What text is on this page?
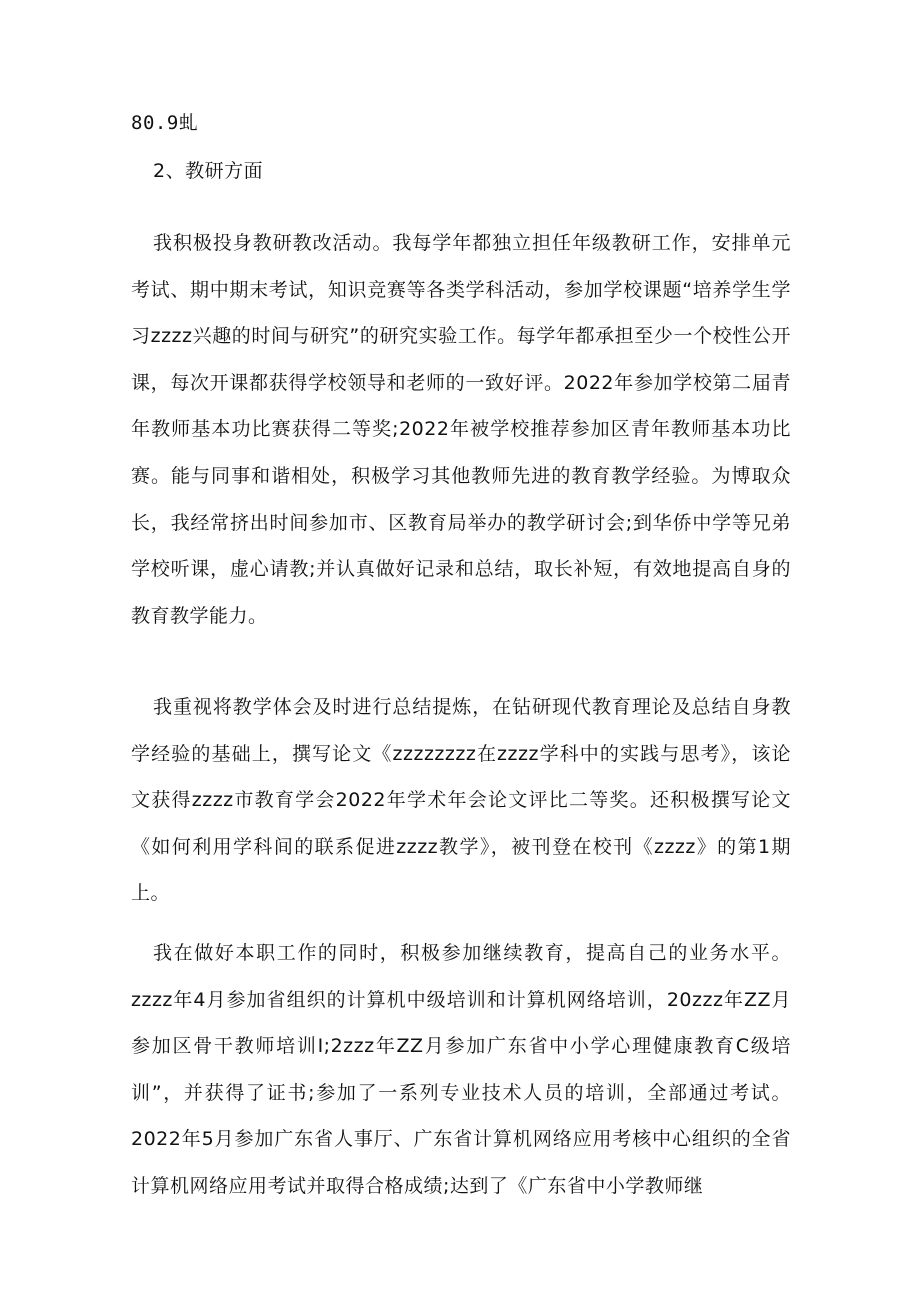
80.9虬
2、教研方面

我积极投身教研教改活动。我每学年都独立担任年级教研工作，安排单元考试、期中期末考试，知识竞赛等各类学科活动，参加学校课题“培养学生学习zzzz兴趣的时间与研究”的研究实验工作。每学年都承担至少一个校性公开课，每次开课都获得学校领导和老师的一致好评。2022年参加学校第二届青年教师基本功比赛获得二等奖;2022年被学校推荐参加区青年教师基本功比赛。能与同事和谐相处，积极学习其他教师先进的教育教学经验。为博取众长，我经常挤出时间参加市、区教育局举办的教学研讨会;到华侨中学等兄弟学校听课，虚心请教;并认真做好记录和总结，取长补短，有效地提高自身的教育教学能力。

我重视将教学体会及时进行总结提炼，在钻研现代教育理论及总结自身教学经验的基础上，撰写论文《zzzzzzzz在zzzz学科中的实践与思考》，该论文获得zzzz市教育学会2022年学术年会论文评比二等奖。还积极撰写论文《如何利用学科间的联系促进zzzz教学》，被刊登在校刊《zzzz》的第1期上。

我在做好本职工作的同时，积极参加继续教育，提高自己的业务水平。zzzz年4月参加省组织的计算机中级培训和计算机网络培训，20zzz年ZZ月参加区骨干教师培训I;2zzz年ZZ月参加广东省中小学心理健康教育C级培训”，并获得了证书;参加了一系列专业技术人员的培训，全部通过考试。2022年5月参加广东省人事厅、广东省计算机网络应用考核中心组织的全省计算机网络应用考试并取得合格成绩;达到了《广东省中小学教师继
